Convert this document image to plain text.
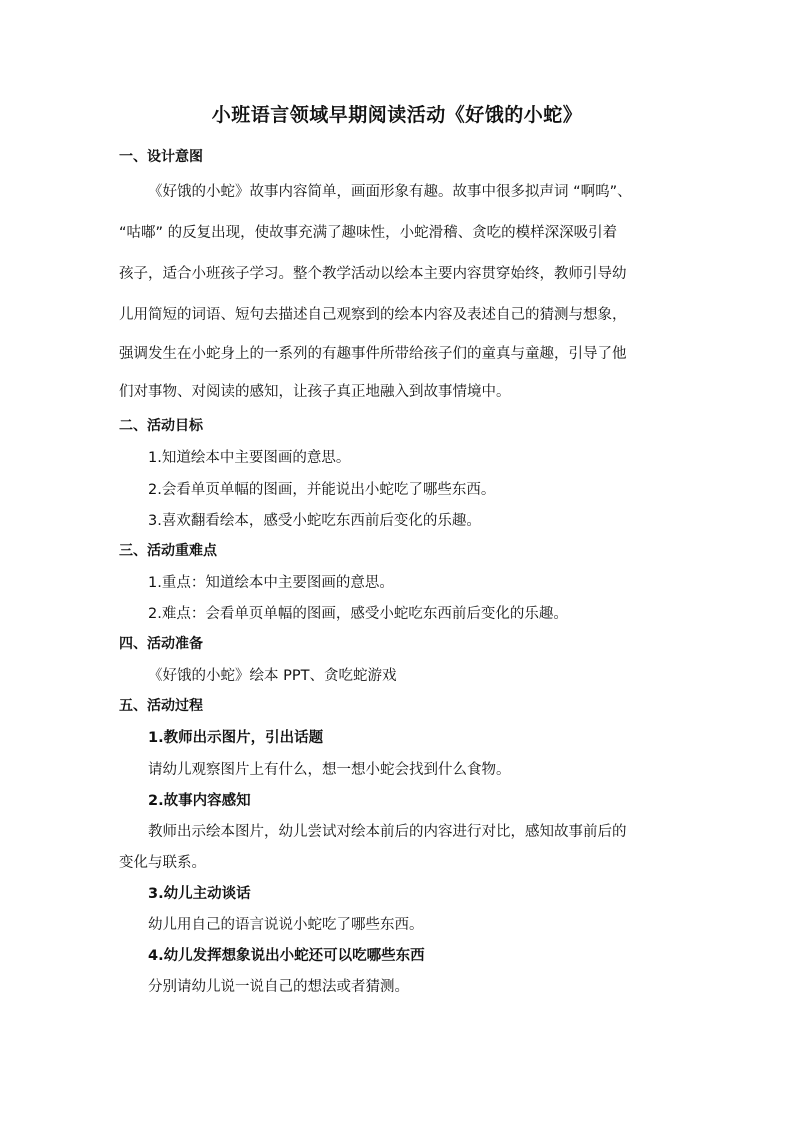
小班语言领域早期阅读活动《好饿的小蛇》
一、设计意图
《好饿的小蛇》故事内容简单，画面形象有趣。故事中很多拟声词 “啊呜”、
“咕嘟” 的反复出现，使故事充满了趣味性，小蛇滑稽、贪吃的模样深深吸引着
孩子，适合小班孩子学习。整个教学活动以绘本主要内容贯穿始终，教师引导幼
儿用简短的词语、短句去描述自己观察到的绘本内容及表述自己的猜测与想象，
强调发生在小蛇身上的一系列的有趣事件所带给孩子们的童真与童趣，引导了他
们对事物、对阅读的感知，让孩子真正地融入到故事情境中。
二、活动目标
1.知道绘本中主要图画的意思。
2.会看单页单幅的图画，并能说出小蛇吃了哪些东西。
3.喜欢翻看绘本，感受小蛇吃东西前后变化的乐趣。
三、活动重难点
1.重点：知道绘本中主要图画的意思。
2.难点：会看单页单幅的图画，感受小蛇吃东西前后变化的乐趣。
四、活动准备
《好饿的小蛇》绘本 PPT、贪吃蛇游戏
五、活动过程
1.教师出示图片，引出话题
请幼儿观察图片上有什么，想一想小蛇会找到什么食物。
2.故事内容感知
教师出示绘本图片，幼儿尝试对绘本前后的内容进行对比，感知故事前后的
变化与联系。
3.幼儿主动谈话
幼儿用自己的语言说说小蛇吃了哪些东西。
4.幼儿发挥想象说出小蛇还可以吃哪些东西
分别请幼儿说一说自己的想法或者猜测。
